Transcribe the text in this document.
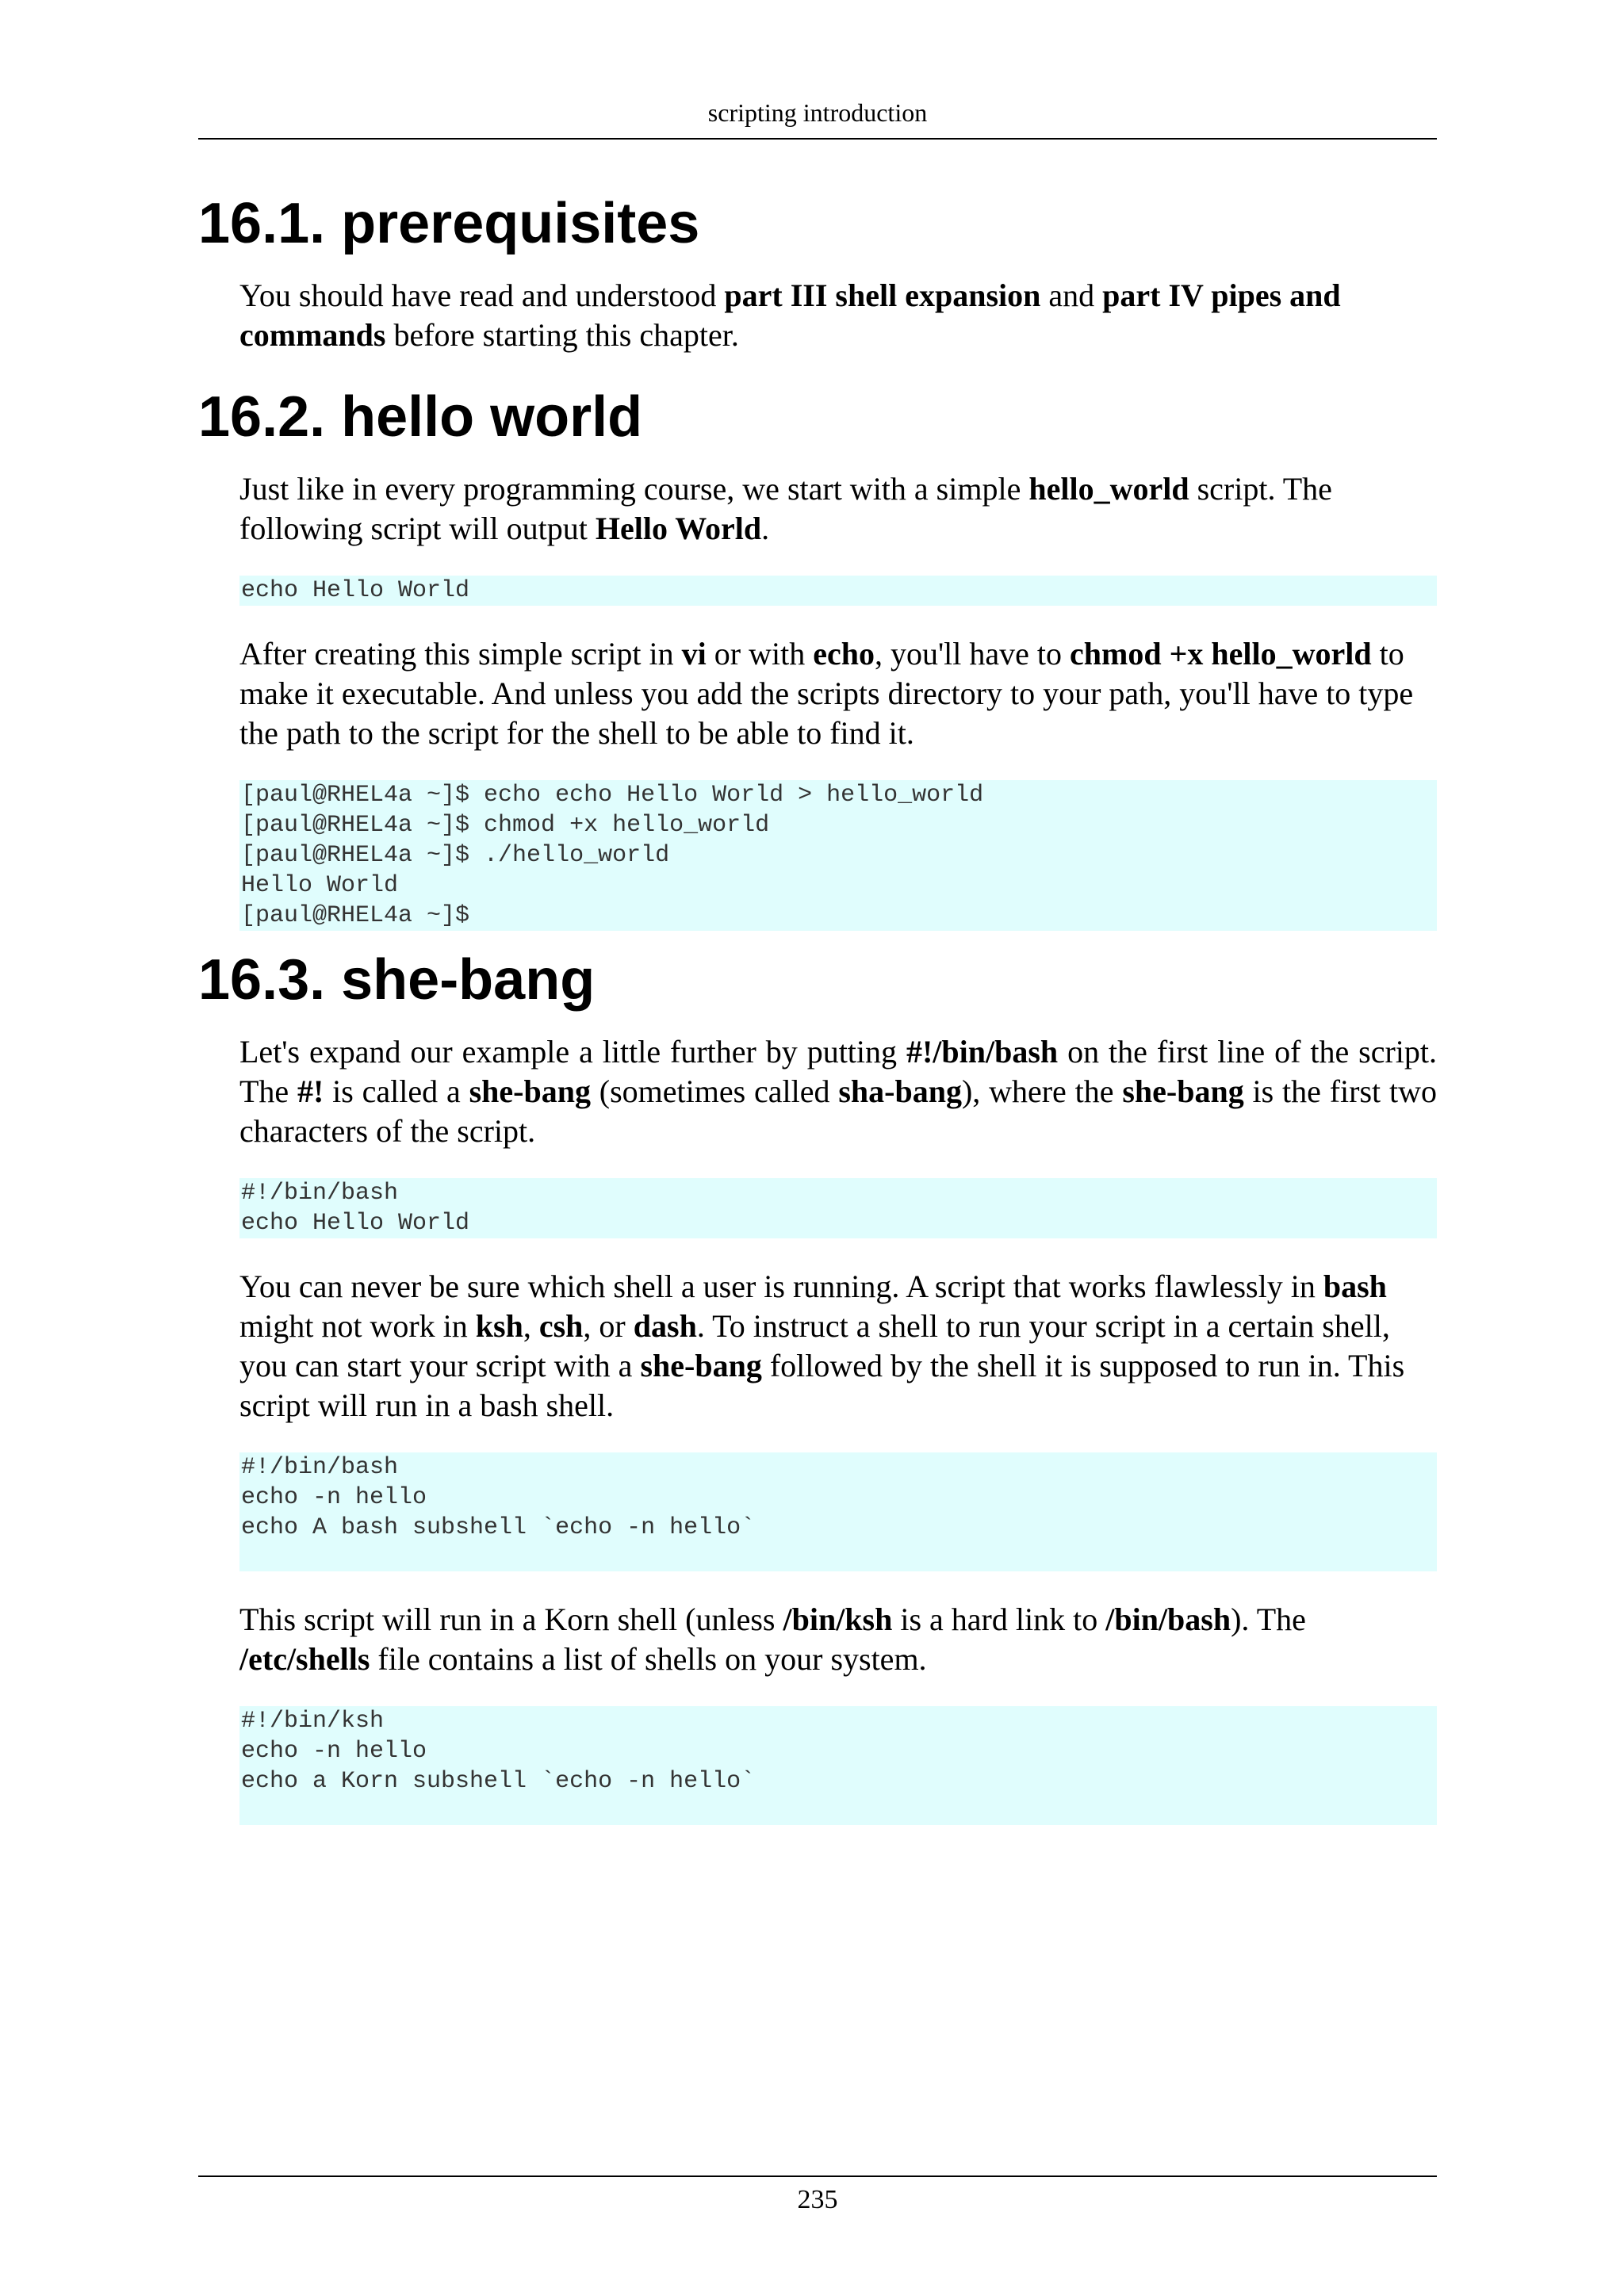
scripting introduction
16.1. prerequisites

You should have read and understood part III shell expansion and part IV pipes and commands before starting this chapter.

16.2. hello world

Just like in every programming course, we start with a simple hello_world script. The following script will output Hello World.

echo Hello World

After creating this simple script in vi or with echo, you'll have to chmod +x hello_world to make it executable. And unless you add the scripts directory to your path, you'll have to type the path to the script for the shell to be able to find it.

[paul@RHEL4a ~]$ echo echo Hello World > hello_world
[paul@RHEL4a ~]$ chmod +x hello_world
[paul@RHEL4a ~]$ ./hello_world
Hello World
[paul@RHEL4a ~]$
16.3. she-bang

Let's expand our example a little further by putting #!/bin/bash on the first line of the script. The #! is called a she-bang (sometimes called sha-bang), where the she-bang is the first two characters of the script.

#!/bin/bash
echo Hello World

You can never be sure which shell a user is running. A script that works flawlessly in bash might not work in ksh, csh, or dash. To instruct a shell to run your script in a certain shell, you can start your script with a she-bang followed by the shell it is supposed to run in. This script will run in a bash shell.

#!/bin/bash
echo -n hello
echo A bash subshell `echo -n hello`

This script will run in a Korn shell (unless /bin/ksh is a hard link to /bin/bash). The /etc/shells file contains a list of shells on your system.

#!/bin/ksh
echo -n hello
echo a Korn subshell `echo -n hello`
235
